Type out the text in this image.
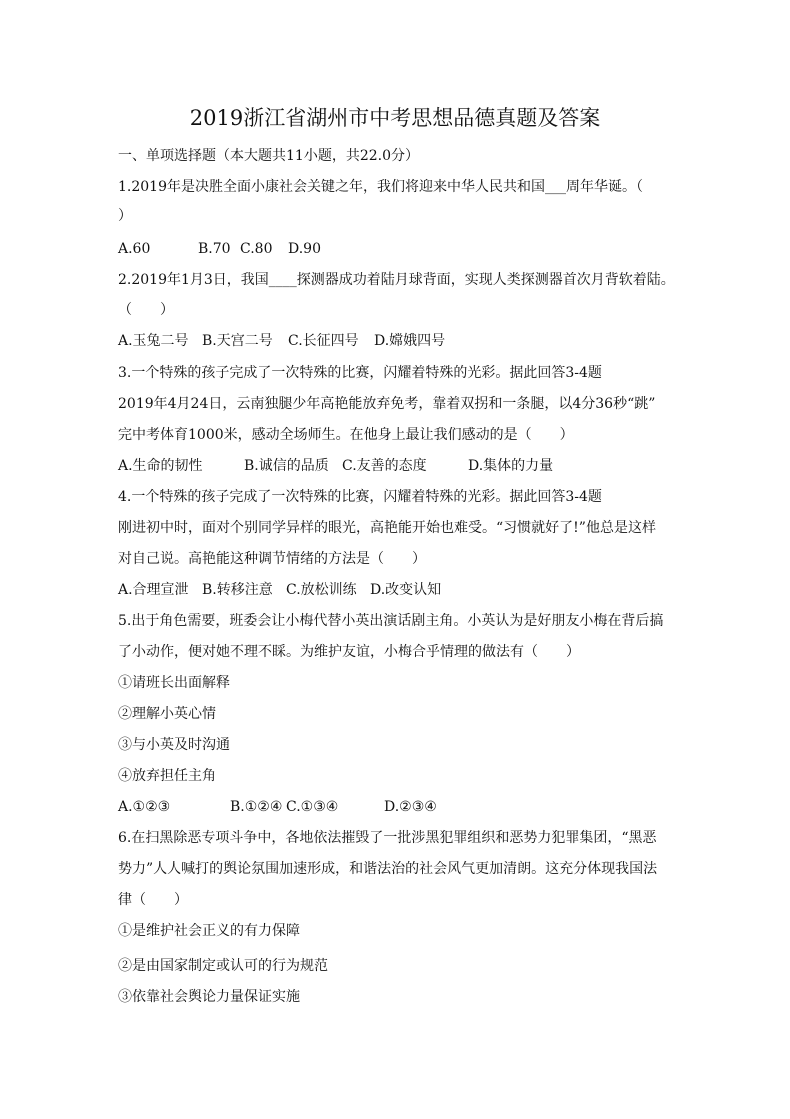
2019浙江省湖州市中考思想品德真题及答案
一、单项选择题（本大题共11小题，共22.0分）
1.2019年是决胜全面小康社会关键之年，我们将迎来中华人民共和国___周年华诞。（
）
A.60	B.70 C.80 D.90
2.2019年1月3日，我国____探测器成功着陆月球背面，实现人类探测器首次月背软着陆。
（　　）
A.玉兔二号 B.天宫二号 C.长征四号 D.嫦娥四号
3.一个特殊的孩子完成了一次特殊的比赛，闪耀着特殊的光彩。据此回答3-4题
2019年4月24日，云南独腿少年高艳能放弃免考，靠着双拐和一条腿，以4分36秒“跳”
完中考体育1000米，感动全场师生。在他身上最让我们感动的是（　　）
A.生命的韧性	B.诚信的品质 C.友善的态度	D.集体的力量
4.一个特殊的孩子完成了一次特殊的比赛，闪耀着特殊的光彩。据此回答3-4题
刚进初中时，面对个别同学异样的眼光，高艳能开始也难受。“习惯就好了!”他总是这样
对自己说。高艳能这种调节情绪的方法是（　　）
A.合理宣泄 B.转移注意 C.放松训练 D.改变认知
5.出于角色需要，班委会让小梅代替小英出演话剧主角。小英认为是好朋友小梅在背后搞
了小动作，便对她不理不睬。为维护友谊，小梅合乎情理的做法有（　　）
①请班长出面解释
②理解小英心情
③与小英及时沟通
④放弃担任主角
A.①②③	B.①②④ C.①③④	D.②③④
6.在扫黑除恶专项斗争中，各地依法摧毁了一批涉黑犯罪组织和恶势力犯罪集团，“黑恶
势力”人人喊打的舆论氛围加速形成，和谐法治的社会风气更加清朗。这充分体现我国法
律（　　）
①是维护社会正义的有力保障
②是由国家制定或认可的行为规范
③依靠社会舆论力量保证实施
